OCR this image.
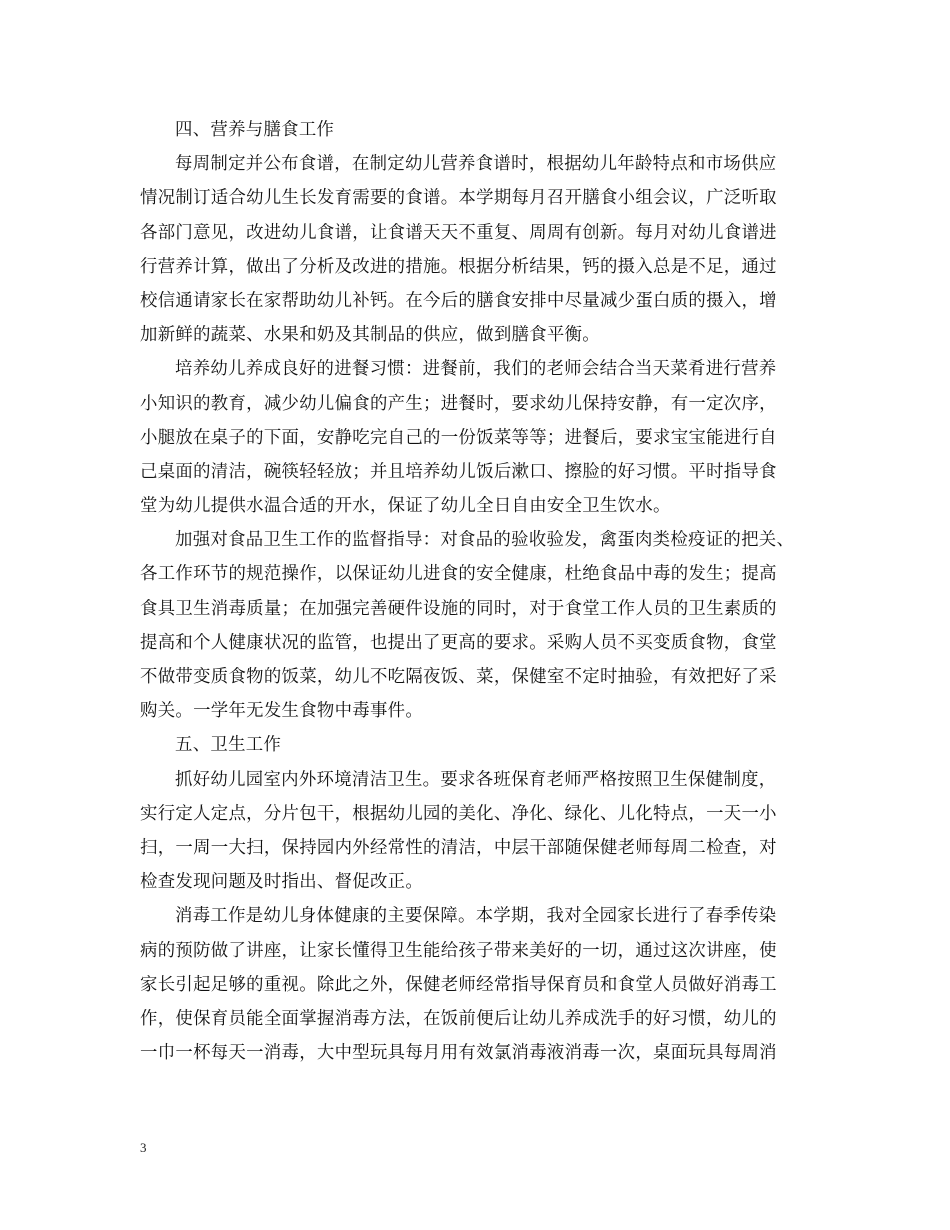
四、营养与膳食工作
每周制定并公布食谱，在制定幼儿营养食谱时，根据幼儿年龄特点和市场供应
情况制订适合幼儿生长发育需要的食谱。本学期每月召开膳食小组会议，广泛听取
各部门意见，改进幼儿食谱，让食谱天天不重复、周周有创新。每月对幼儿食谱进
行营养计算，做出了分析及改进的措施。根据分析结果，钙的摄入总是不足，通过
校信通请家长在家帮助幼儿补钙。在今后的膳食安排中尽量减少蛋白质的摄入，增
加新鲜的蔬菜、水果和奶及其制品的供应，做到膳食平衡。
培养幼儿养成良好的进餐习惯：进餐前，我们的老师会结合当天菜肴进行营养
小知识的教育，减少幼儿偏食的产生；进餐时，要求幼儿保持安静，有一定次序，
小腿放在桌子的下面，安静吃完自己的一份饭菜等等；进餐后，要求宝宝能进行自
己桌面的清洁，碗筷轻轻放；并且培养幼儿饭后漱口、擦脸的好习惯。平时指导食
堂为幼儿提供水温合适的开水，保证了幼儿全日自由安全卫生饮水。
加强对食品卫生工作的监督指导：对食品的验收验发，禽蛋肉类检疫证的把关、
各工作环节的规范操作，以保证幼儿进食的安全健康，杜绝食品中毒的发生；提高
食具卫生消毒质量；在加强完善硬件设施的同时，对于食堂工作人员的卫生素质的
提高和个人健康状况的监管，也提出了更高的要求。采购人员不买变质食物，食堂
不做带变质食物的饭菜，幼儿不吃隔夜饭、菜，保健室不定时抽验，有效把好了采
购关。一学年无发生食物中毒事件。
五、卫生工作
抓好幼儿园室内外环境清洁卫生。要求各班保育老师严格按照卫生保健制度，
实行定人定点，分片包干，根据幼儿园的美化、净化、绿化、儿化特点，一天一小
扫，一周一大扫，保持园内外经常性的清洁，中层干部随保健老师每周二检查，对
检查发现问题及时指出、督促改正。
消毒工作是幼儿身体健康的主要保障。本学期，我对全园家长进行了春季传染
病的预防做了讲座，让家长懂得卫生能给孩子带来美好的一切，通过这次讲座，使
家长引起足够的重视。除此之外，保健老师经常指导保育员和食堂人员做好消毒工
作，使保育员能全面掌握消毒方法，在饭前便后让幼儿养成洗手的好习惯，幼儿的
一巾一杯每天一消毒，大中型玩具每月用有效氯消毒液消毒一次，桌面玩具每周消
3
